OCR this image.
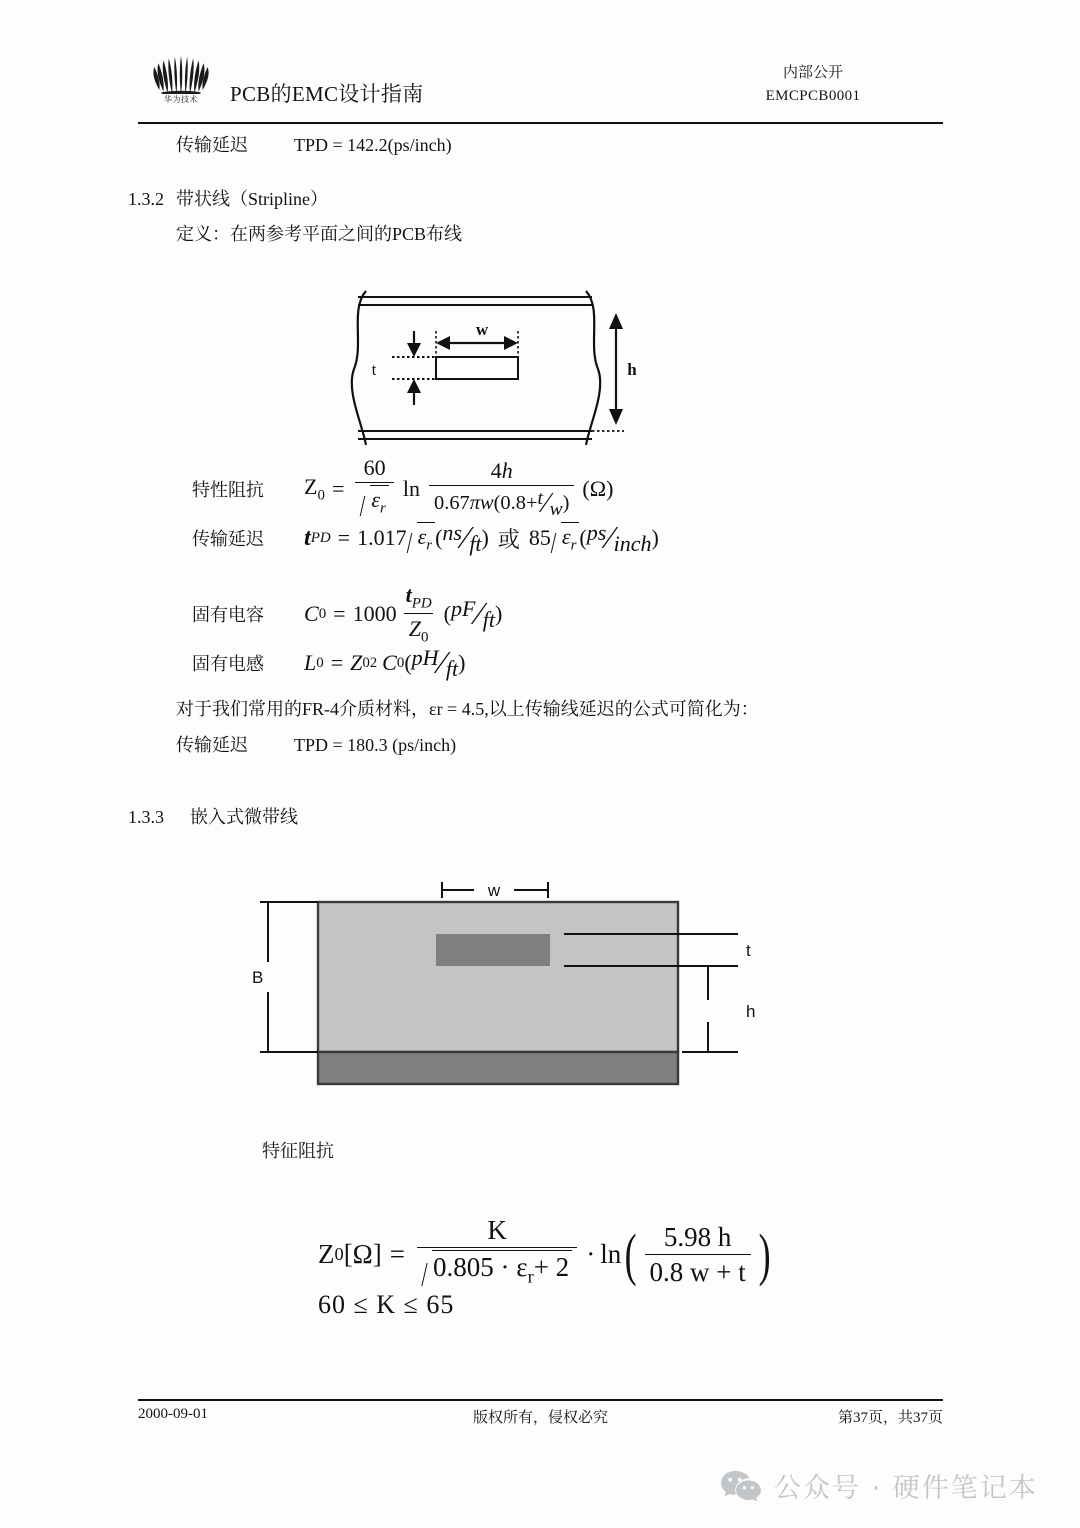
华为技术	PCB的EMC设计指南
内部公开
EMCPCB0001
传输延迟	TPD = 142.2(ps/inch)
1.3.2 带状线（Stripline）
定义：在两参考平面之间的PCB布线
w
t	h
特性阻抗	$Z_0 = \frac{60}{\varepsilon_r}$ $\ln \frac{4h}{0.67\pi w(0.8+ t ⁄ w )} (\Omega)$
传输延迟	t PD = 1.017 $\varepsilon_r$ ( ns ⁄ ft ) 或 85 $\varepsilon_r$ ( ps ⁄ inch )
固有电容	C $0 = 1000 \frac{t_{PD}}{Z_0}$ ( pF ⁄ ft )
固有电感	L 0 = Z 0 2 C 0 ( pH ⁄ ft )
对于我们常用的FR-4介质材料，εr = 4.5,以上传输线延迟的公式可简化为：
传输延迟	TPD = 180.3 (ps/inch)
1.3.3 嵌入式微带线
w
B
t
h
特征阻抗
Z 0 $[\Omega] = \frac{K}{0.805 \cdot \varepsilon_r+ 2} \cdot \ln$ ( $\frac{5.98 h}{0.8 w + t}$ )
60 ≤ K ≤ 65
2000-09-01	版权所有，侵权必究	第37页，共37页
公众号 · 硬件笔记本
